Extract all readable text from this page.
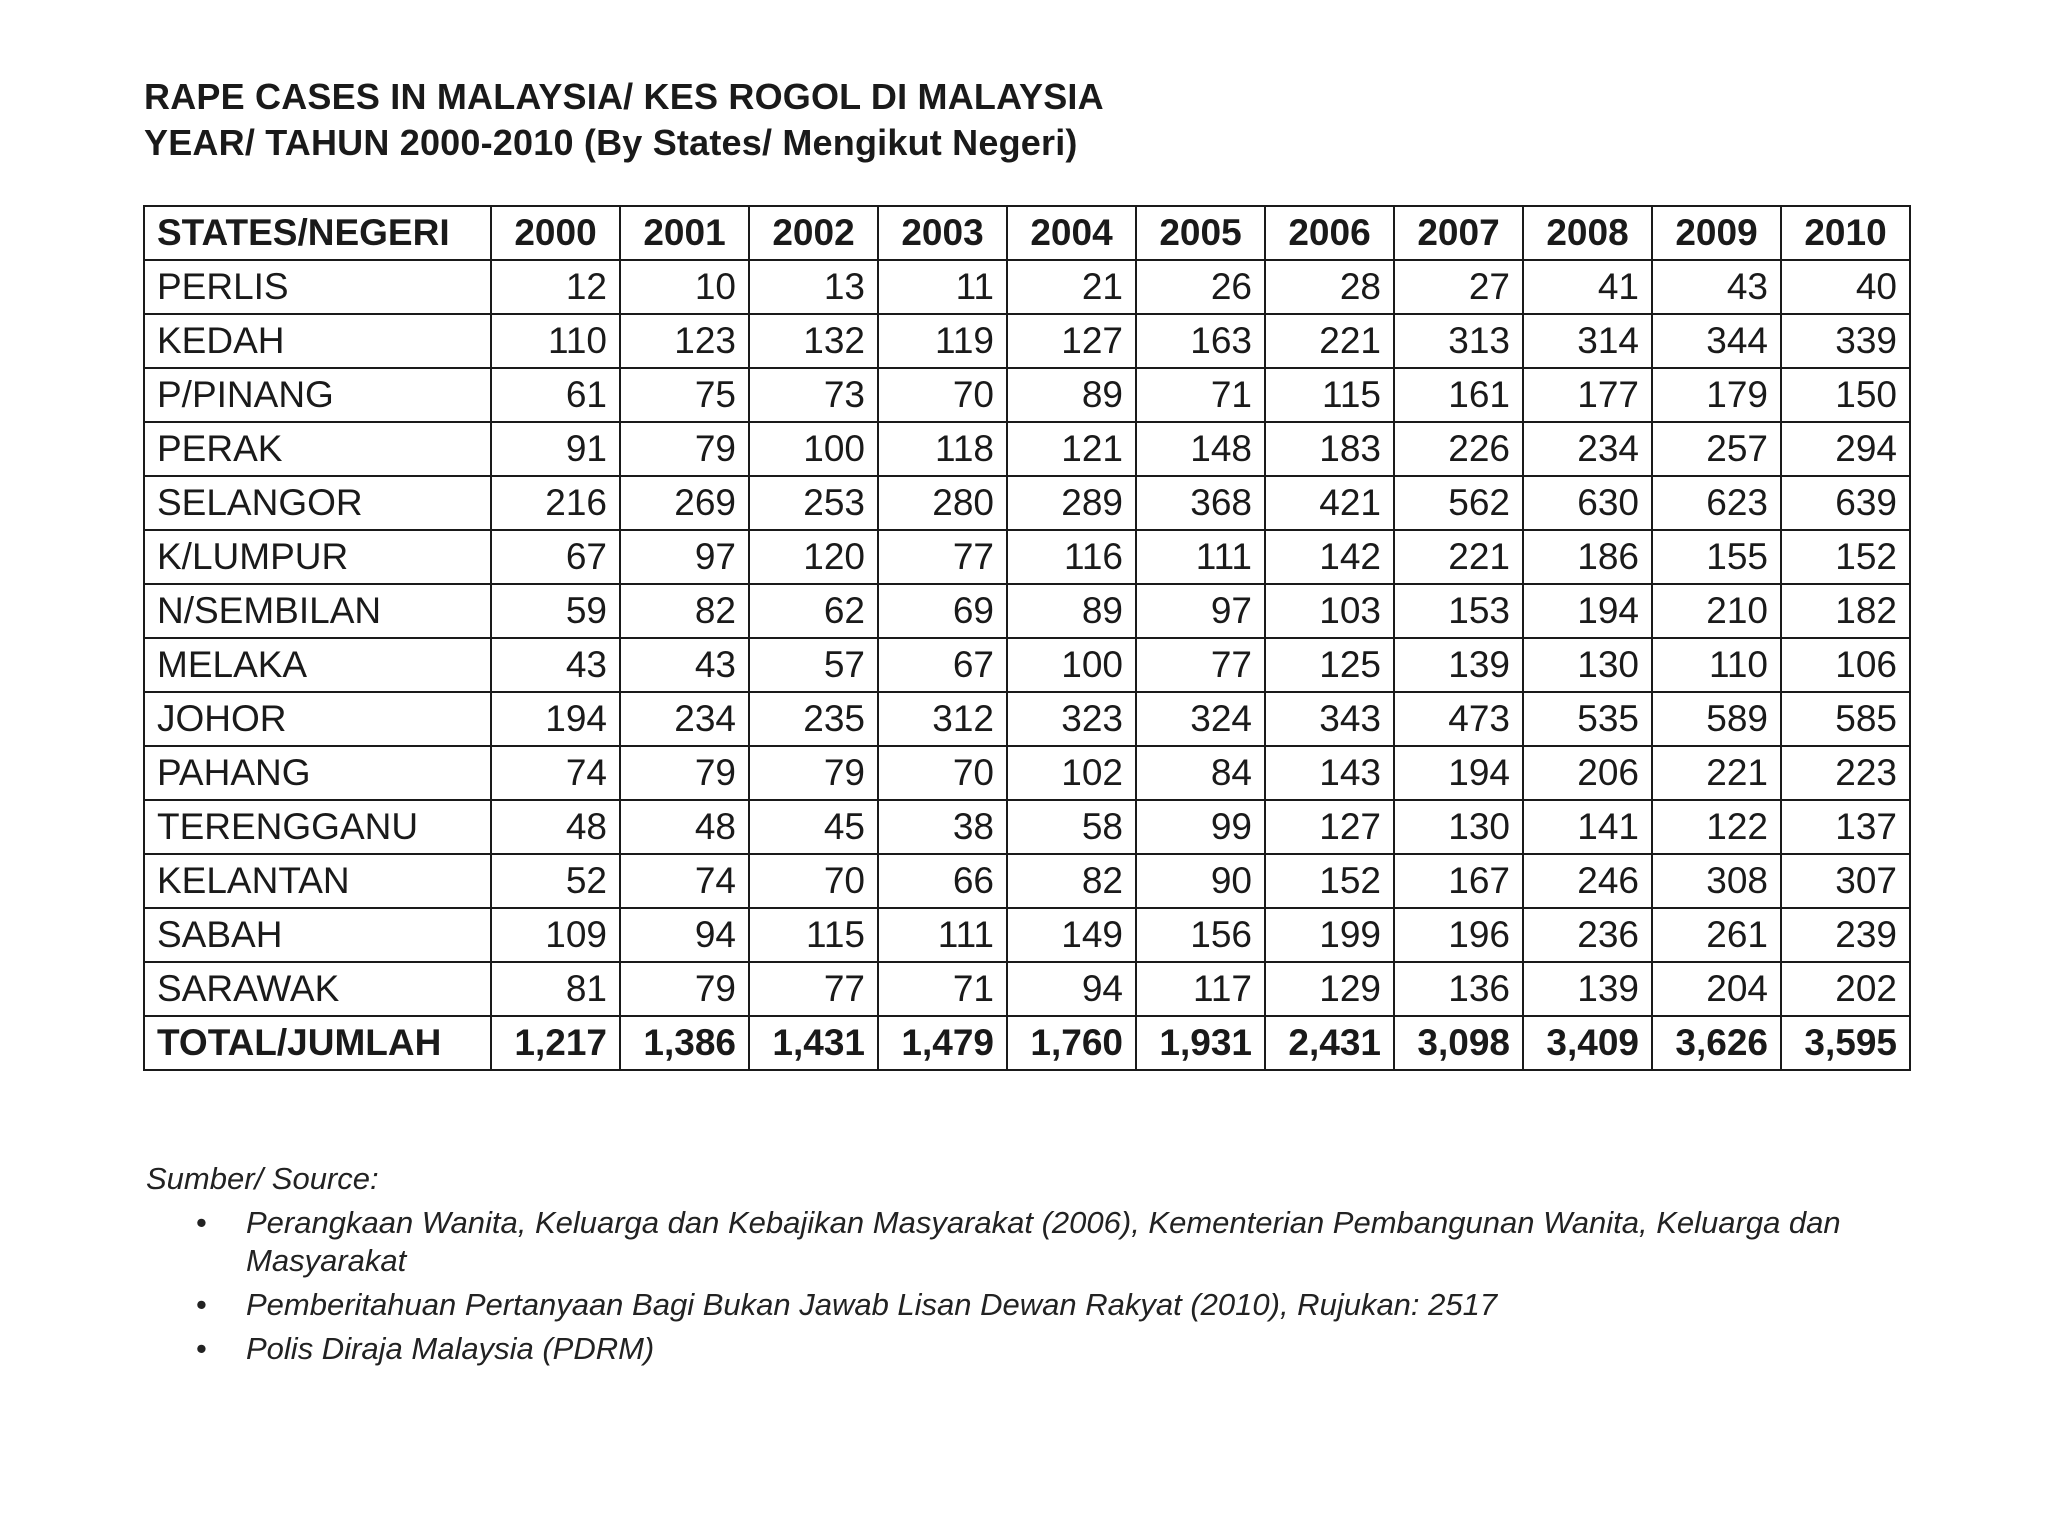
RAPE CASES IN MALAYSIA/ KES ROGOL DI MALAYSIA
YEAR/ TAHUN 2000-2010 (By States/ Mengikut Negeri)
STATES/NEGERI	2000	2001	2002	2003	2004	2005	2006	2007	2008	2009	2010
PERLIS	12	10	13	11	21	26	28	27	41	43	40
KEDAH	110	123	132	119	127	163	221	313	314	344	339
P/PINANG	61	75	73	70	89	71	115	161	177	179	150
PERAK	91	79	100	118	121	148	183	226	234	257	294
SELANGOR	216	269	253	280	289	368	421	562	630	623	639
K/LUMPUR	67	97	120	77	116	111	142	221	186	155	152
N/SEMBILAN	59	82	62	69	89	97	103	153	194	210	182
MELAKA	43	43	57	67	100	77	125	139	130	110	106
JOHOR	194	234	235	312	323	324	343	473	535	589	585
PAHANG	74	79	79	70	102	84	143	194	206	221	223
TERENGGANU	48	48	45	38	58	99	127	130	141	122	137
KELANTAN	52	74	70	66	82	90	152	167	246	308	307
SABAH	109	94	115	111	149	156	199	196	236	261	239
SARAWAK	81	79	77	71	94	117	129	136	139	204	202
TOTAL/JUMLAH	1,217	1,386	1,431	1,479	1,760	1,931	2,431	3,098	3,409	3,626	3,595
Sumber/ Source:
• Perangkaan Wanita, Keluarga dan Kebajikan Masyarakat (2006), Kementerian Pembangunan Wanita, Keluarga dan Masyarakat
• Pemberitahuan Pertanyaan Bagi Bukan Jawab Lisan Dewan Rakyat (2010), Rujukan: 2517
• Polis Diraja Malaysia (PDRM)
